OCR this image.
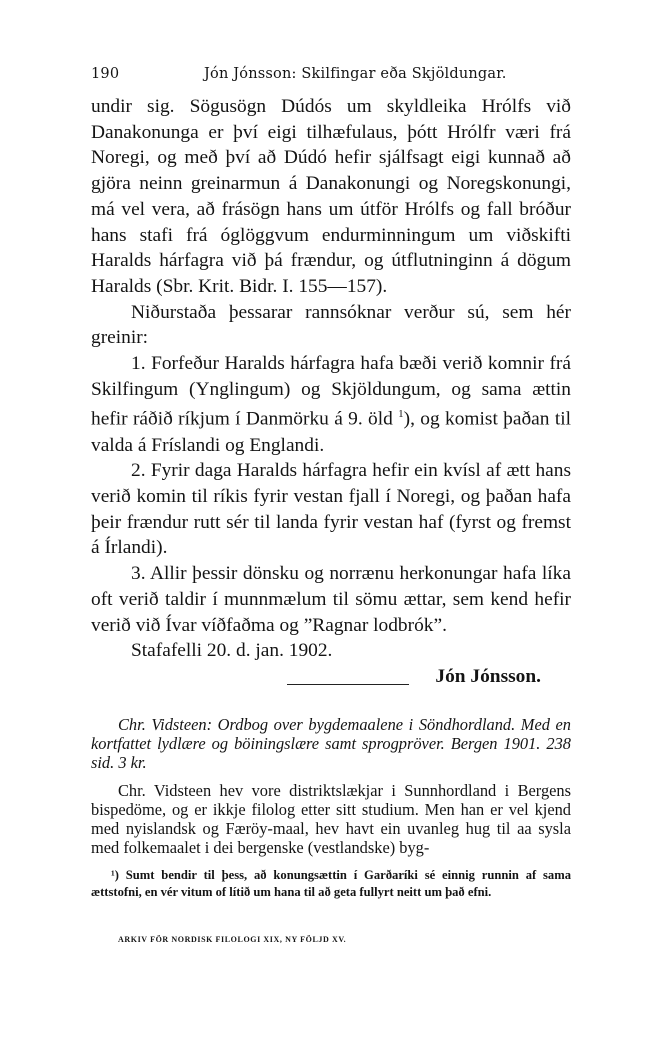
190	Jón Jónsson: Skilfingar eða Skjöldungar.

undir sig. Sögusögn Dúdós um skyldleika Hrólfs við Danakonunga er því eigi tilhæfulaus, þótt Hrólfr væri frá Noregi, og með því að Dúdó hefir sjálfsagt eigi kunnað að gjöra neinn greinarmun á Danakonungi og Noregskonungi, má vel vera, að frásögn hans um útför Hrólfs og fall bróður hans stafi frá óglöggvum endurminningum um viðskifti Haralds hárfagra við þá frændur, og útflutninginn á dögum Haralds (Sbr. Krit. Bidr. I. 155—157).

Niðurstaða þessarar rannsóknar verður sú, sem hér greinir:

1. Forfeður Haralds hárfagra hafa bæði verið komnir frá Skilfingum (Ynglingum) og Skjöldungum, og sama ættin hefir ráðið ríkjum í Danmörku á 9. öld $^1$), og komist þaðan til valda á Fríslandi og Englandi.

2. Fyrir daga Haralds hárfagra hefir ein kvísl af ætt hans verið komin til ríkis fyrir vestan fjall í Noregi, og þaðan hafa þeir frændur rutt sér til landa fyrir vestan haf (fyrst og fremst á Írlandi).

3. Allir þessir dönsku og norrænu herkonungar hafa líka oft verið taldir í munnmælum til sömu ættar, sem kend hefir verið við Ívar víðfaðma og ”Ragnar lodbrók”.

Stafafelli 20. d. jan. 1902.

Jón Jónsson.

Chr. Vidsteen: Ordbog over bygdemaalene i Söndhordland. Med en kortfattet lydlære og böiningslære samt sprogpröver. Bergen 1901. 238 sid. 3 kr.

Chr. Vidsteen hev vore distriktslækjar i Sunnhordland i Bergens bispedöme, og er ikkje filolog etter sitt studium. Men han er vel kjend med nyislandsk og Færöy-maal, hev havt ein uvanleg hug til aa sysla med folkemaalet i dei bergenske (vestlandske) byg-

¹) Sumt bendir til þess, að konungsættin í Garðaríki sé einnig runnin af sama ættstofni, en vér vitum of lítið um hana til að geta fullyrt neitt um það efni.

ARKIV FÖR NORDISK FILOLOGI XIX, NY FÖLJD XV.
